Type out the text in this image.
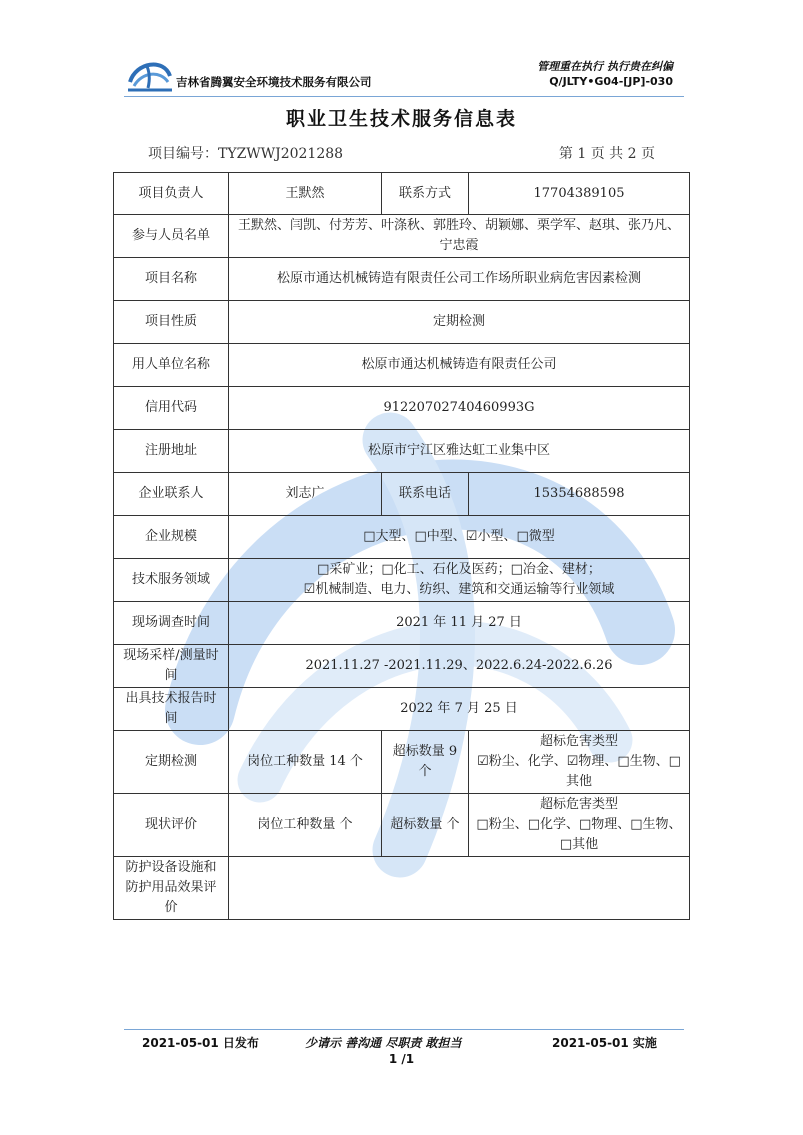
吉林省腾翼安全环境技术服务有限公司
管理重在执行 执行贵在纠偏
Q/JLTY•G04-[JP]-030
职业卫生技术服务信息表
项目编号：TYZWWJ2021288	第 1 页 共 2 页
项目负责人	王默然	联系方式	17704389105
参与人员名单	王默然、闫凯、付芳芳、叶涤秋、郭胜玲、胡颖娜、栗学军、赵琪、张乃凡、宁忠霞		
项目名称	松原市通达机械铸造有限责任公司工作场所职业病危害因素检测		
项目性质	定期检测		
用人单位名称	松原市通达机械铸造有限责任公司		
信用代码	91220702740460993G		
注册地址	松原市宁江区雅达虹工业集中区		
企业联系人	刘志广	联系电话	15354688598
企业规模	□大型、□中型、☑小型、□微型		
技术服务领域	□采矿业；□化工、石化及医药；□冶金、建材；
☑机械制造、电力、纺织、建筑和交通运输等行业领域		

现场调查时间	2021 年 11 月 27 日		
现场采样/测量时间	2021.11.27 -2021.11.29、2022.6.24-2022.6.26		
出具技术报告时间	2022 年 7 月 25 日		
定期检测	岗位工种数量 14 个	超标数量 9 个	超标危害类型
☑粉尘、化学、☑物理、□生物、□其他

现状评价	岗位工种数量 个	超标数量 个	超标危害类型
□粉尘、□化学、□物理、□生物、□其他

防护设备设施和防护用品效果评价			
2021-05-01 日发布	少请示 善沟通 尽职责 敢担当	2021-05-01 实施
1 /1
